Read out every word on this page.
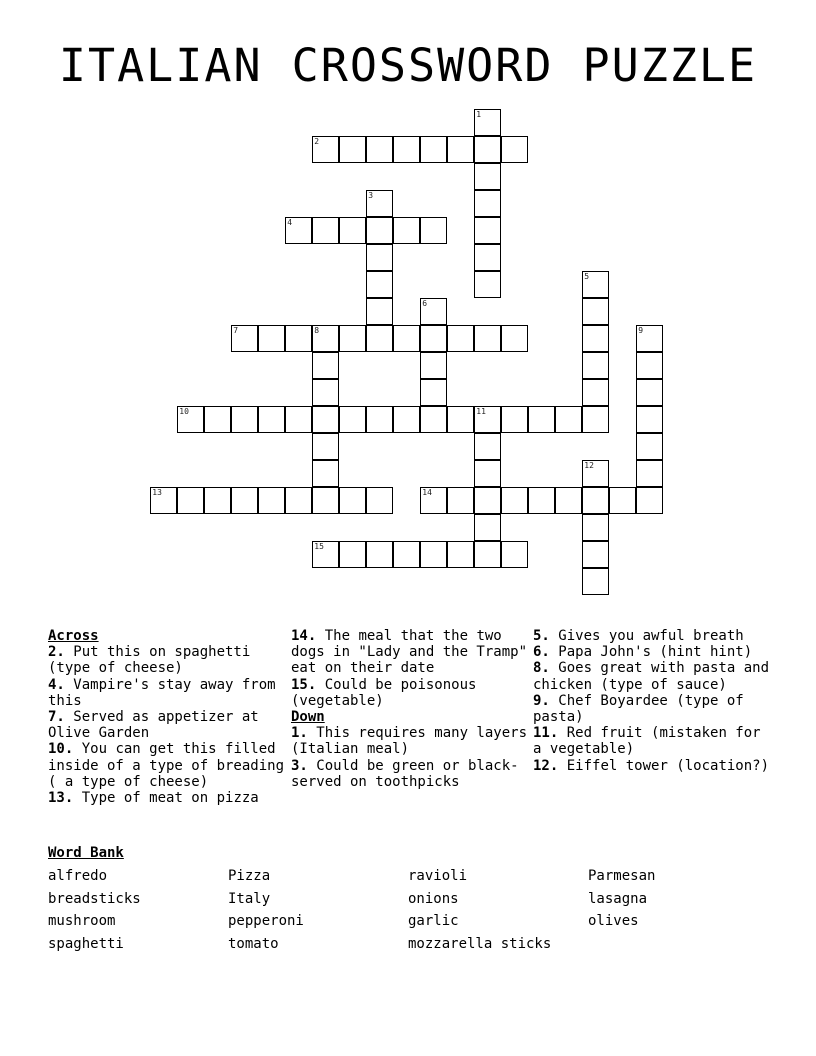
ITALIAN CROSSWORD PUZZLE
2
4
7	8
10	11
13	14
15
1
3
5
6
9
12
Across
2. Put this on spaghetti (type of cheese)
4. Vampire's stay away from this
7. Served as appetizer at Olive Garden
10. You can get this filled inside of a type of breading ( a type of cheese)
13. Type of meat on pizza
14. The meal that the two dogs in "Lady and the Tramp" eat on their date
15. Could be poisonous (vegetable)
Down
1. This requires many layers (Italian meal)
3. Could be green or black- served on toothpicks
5. Gives you awful breath
6. Papa John's (hint hint)
8. Goes great with pasta and chicken (type of sauce)
9. Chef Boyardee (type of pasta)
11. Red fruit (mistaken for a vegetable)
12. Eiffel tower (location?)
Word Bank
alfredo	Pizza	ravioli	Parmesan
breadsticks	Italy	onions	lasagna
mushroom	pepperoni	garlic	olives
spaghetti	tomato	mozzarella sticks
